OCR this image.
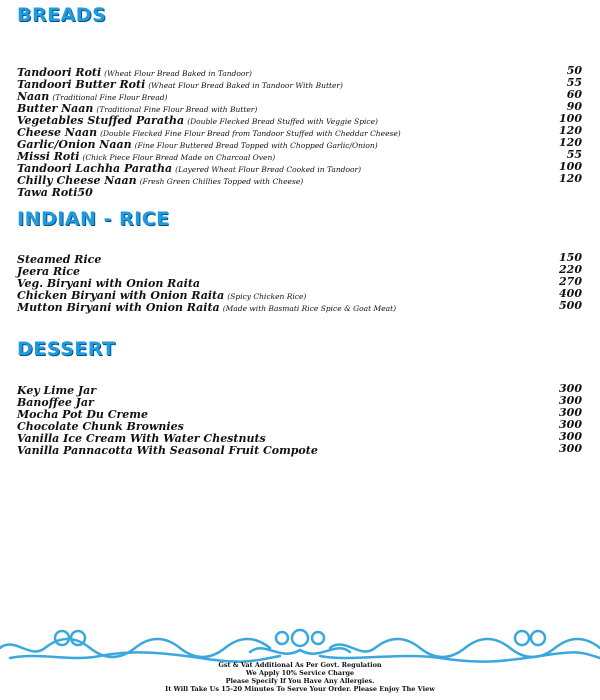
BREADS
Tandoori Roti (Wheat Flour Bread Baked in Tandoor)	50
Tandoori Butter Roti (Wheat Flour Bread Baked in Tandoor With Butter)	55
Naan (Traditional Fine Flour Bread)	60
Butter Naan (Traditional Fine Flour Bread with Butter)	90
Vegetables Stuffed Paratha (Double Flecked Bread Stuffed with Veggie Spice)	100
Cheese Naan (Double Flecked Fine Flour Bread from Tandoor Stuffed with Cheddar Cheese)	120
Garlic/Onion Naan (Fine Flour Buttered Bread Topped with Chopped Garlic/Onion)	120
Missi Roti (Chick Piece Flour Bread Made on Charcoal Oven)	55
Tandoori Lachha Paratha (Layered Wheat Flour Bread Cooked in Tandoor)	100
Chilly Cheese Naan (Fresh Green Chillies Topped with Cheese)	120
Tawa Roti50
INDIAN - RICE
Steamed Rice	150
Jeera Rice	220
Veg. Biryani with Onion Raita	270
Chicken Biryani with Onion Raita (Spicy Chicken Rice)	400
Mutton Biryani with Onion Raita (Made with Basmati Rice Spice & Goat Meat)	500
DESSERT
Key Lime Jar	300
Banoffee Jar	300
Mocha Pot Du Creme	300
Chocolate Chunk Brownies	300
Vanilla Ice Cream With Water Chestnuts	300
Vanilla Pannacotta With Seasonal Fruit Compote	300
Gst & Vat Additional As Per Govt. Regulation
We Apply 10% Service Charge
Please Specify If You Have Any Allergies.
It Will Take Us 15-20 Minutes To Serve Your Order. Please Enjoy The View
